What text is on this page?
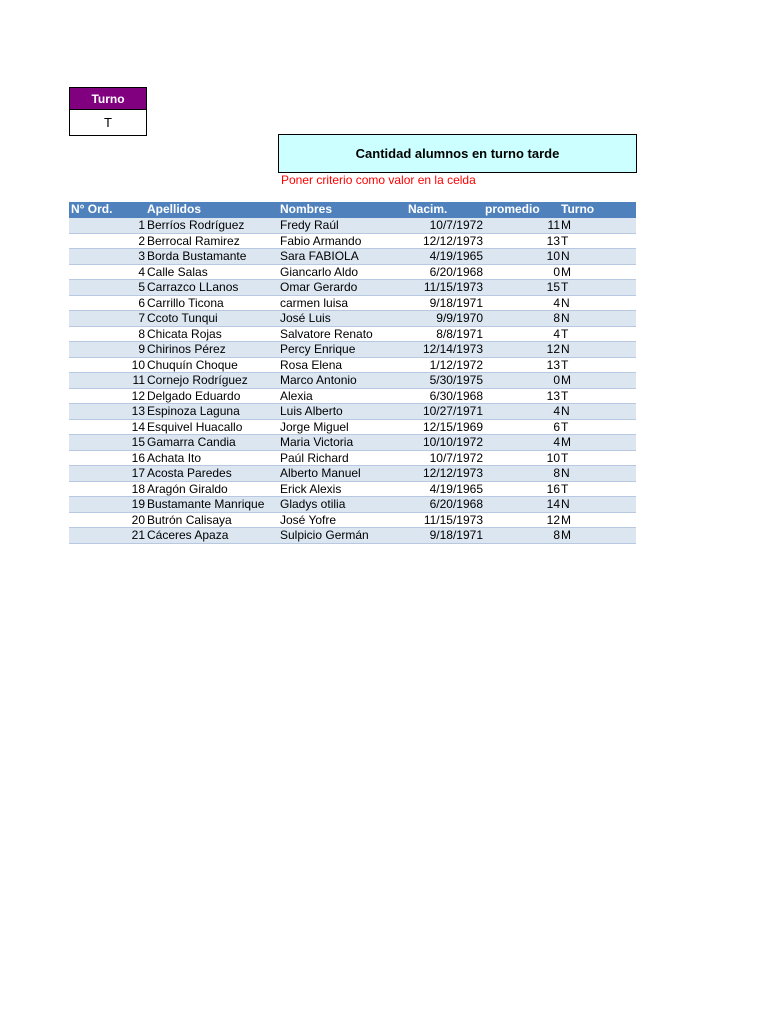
Turno
T
Cantidad alumnos en turno tarde
Poner criterio como valor en la celda
N° Ord.	Apellidos	Nombres	Nacim.	promedio	Turno
1 Berríos Rodríguez	Fredy Raúl	10/7/1972	11 M
2 Berrocal Ramirez	Fabio Armando	12/12/1973	13 T
3 Borda Bustamante	Sara FABIOLA	4/19/1965	10 N
4 Calle Salas	Giancarlo Aldo	6/20/1968	0 M
5 Carrazco LLanos	Omar Gerardo	11/15/1973	15 T
6 Carrillo Ticona	carmen luisa	9/18/1971	4 N
7 Ccoto Tunqui	José Luis	9/9/1970	8 N
8 Chicata Rojas	Salvatore Renato	8/8/1971	4 T
9 Chirinos Pérez	Percy Enrique	12/14/1973	12 N
10 Chuquín Choque	Rosa Elena	1/12/1972	13 T
11 Cornejo Rodríguez	Marco Antonio	5/30/1975	0 M
12 Delgado Eduardo	Alexia	6/30/1968	13 T
13 Espinoza Laguna	Luis Alberto	10/27/1971	4 N
14 Esquivel Huacallo	Jorge Miguel	12/15/1969	6 T
15 Gamarra Candia	Maria Victoria	10/10/1972	4 M
16 Achata Ito	Paúl Richard	10/7/1972	10 T
17 Acosta Paredes	Alberto Manuel	12/12/1973	8 N
18 Aragón Giraldo	Erick Alexis	4/19/1965	16 T
19 Bustamante Manrique	Gladys otilia	6/20/1968	14 N
20 Butrón Calisaya	José Yofre	11/15/1973	12 M
21 Cáceres Apaza	Sulpicio Germán	9/18/1971	8 M
